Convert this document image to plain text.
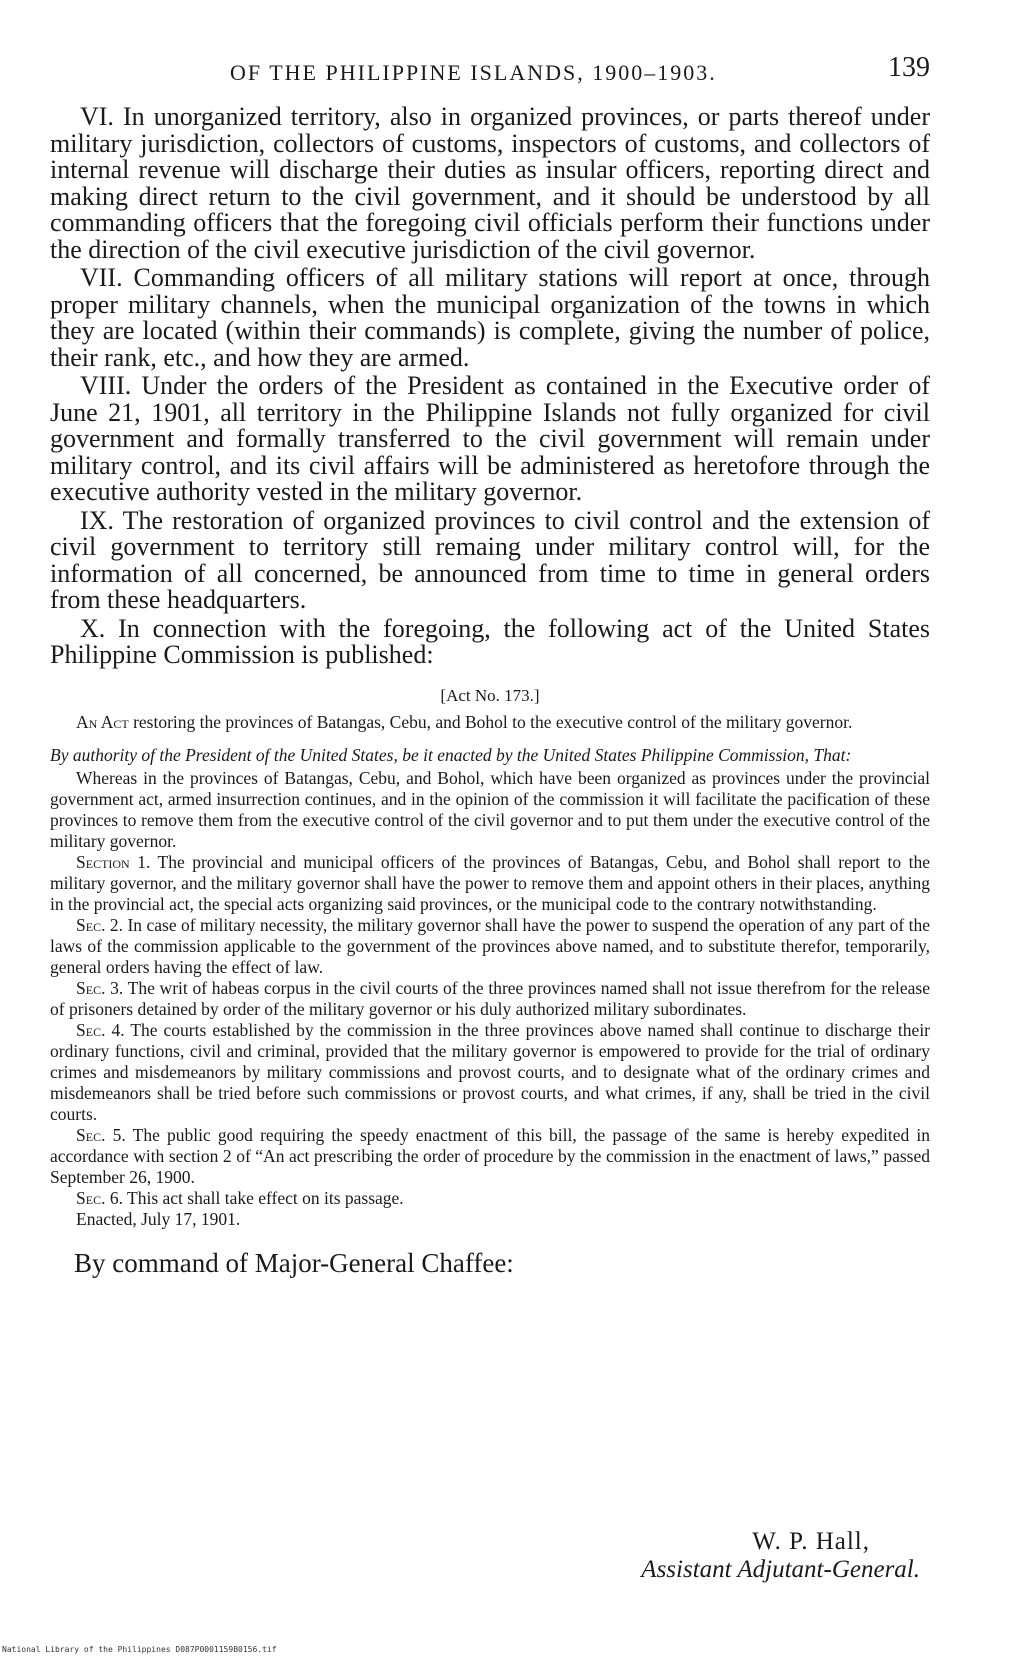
OF THE PHILIPPINE ISLANDS, 1900–1903.	139

VI. In unorganized territory, also in organized provinces, or parts thereof under military jurisdiction, collectors of customs, inspectors of customs, and collectors of internal revenue will discharge their duties as insular officers, reporting direct and making direct return to the civil government, and it should be understood by all commanding officers that the foregoing civil officials perform their functions under the direction of the civil executive jurisdiction of the civil governor.

VII. Commanding officers of all military stations will report at once, through proper military channels, when the municipal organization of the towns in which they are located (within their commands) is complete, giving the number of police, their rank, etc., and how they are armed.

VIII. Under the orders of the President as contained in the Executive order of June 21, 1901, all territory in the Philippine Islands not fully organized for civil government and formally transferred to the civil government will remain under military control, and its civil affairs will be administered as heretofore through the executive authority vested in the military governor.

IX. The restoration of organized provinces to civil control and the extension of civil government to territory still remaing under military control will, for the information of all concerned, be announced from time to time in general orders from these headquarters.

X. In connection with the foregoing, the following act of the United States Philippine Commission is published:

[Act No. 173.]

An Act restoring the provinces of Batangas, Cebu, and Bohol to the executive control of the military governor.

By authority of the President of the United States, be it enacted by the United States Philippine Commission, That:

Whereas in the provinces of Batangas, Cebu, and Bohol, which have been organized as provinces under the provincial government act, armed insurrection continues, and in the opinion of the commission it will facilitate the pacification of these provinces to remove them from the executive control of the civil governor and to put them under the executive control of the military governor.

Section 1. The provincial and municipal officers of the provinces of Batangas, Cebu, and Bohol shall report to the military governor, and the military governor shall have the power to remove them and appoint others in their places, anything in the provincial act, the special acts organizing said provinces, or the municipal code to the contrary notwithstanding.

Sec. 2. In case of military necessity, the military governor shall have the power to suspend the operation of any part of the laws of the commission applicable to the government of the provinces above named, and to substitute therefor, temporarily, general orders having the effect of law.

Sec. 3. The writ of habeas corpus in the civil courts of the three provinces named shall not issue therefrom for the release of prisoners detained by order of the military governor or his duly authorized military subordinates.

Sec. 4. The courts established by the commission in the three provinces above named shall continue to discharge their ordinary functions, civil and criminal, provided that the military governor is empowered to provide for the trial of ordinary crimes and misdemeanors by military commissions and provost courts, and to designate what of the ordinary crimes and misdemeanors shall be tried before such commissions or provost courts, and what crimes, if any, shall be tried in the civil courts.

Sec. 5. The public good requiring the speedy enactment of this bill, the passage of the same is hereby expedited in accordance with section 2 of “An act prescribing the order of procedure by the commission in the enactment of laws,” passed September 26, 1900.

Sec. 6. This act shall take effect on its passage.

Enacted, July 17, 1901.

By command of Major-General Chaffee:
W. P. Hall,
Assistant Adjutant-General.
National Library of the Philippines D087P0001159B0156.tif
